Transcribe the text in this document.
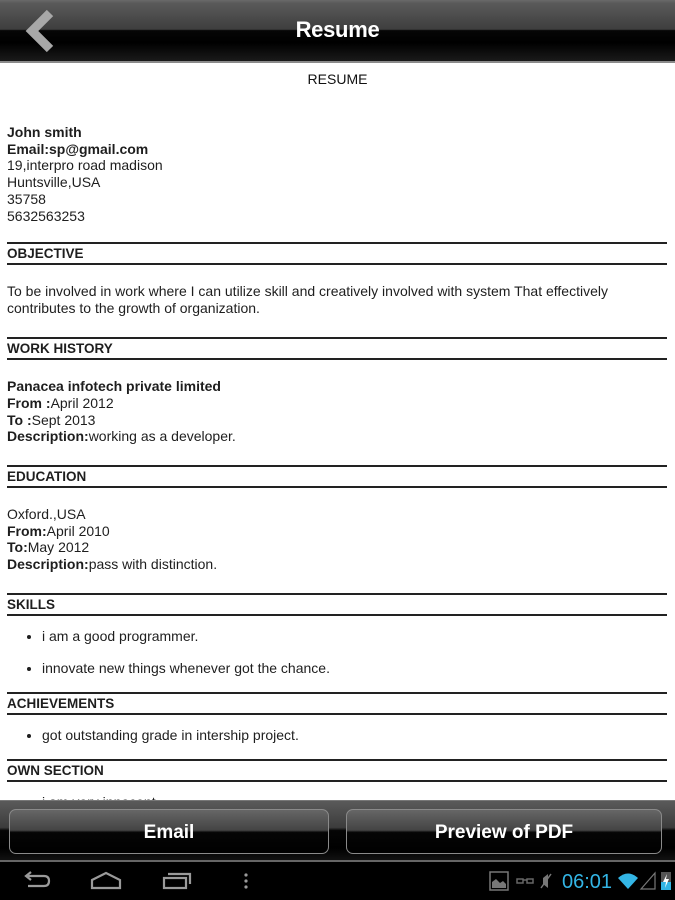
Resume
RESUME
John smith
Email:sp@gmail.com
19,interpro road madison
Huntsville,USA
35758
5632563253
OBJECTIVE
To be involved in work where I can utilize skill and creatively involved with system That effectively contributes to the growth of organization.
WORK HISTORY
Panacea infotech private limited
From :April 2012
To :Sept 2013
Description:working as a developer.
EDUCATION
Oxford.,USA
From:April 2010
To:May 2012
Description:pass with distinction.
SKILLS
• i am a good programmer.
• innovate new things whenever got the chance.
ACHIEVEMENTS
• got outstanding grade in intership project.
OWN SECTION
•
Email	Preview of PDF
06:01
